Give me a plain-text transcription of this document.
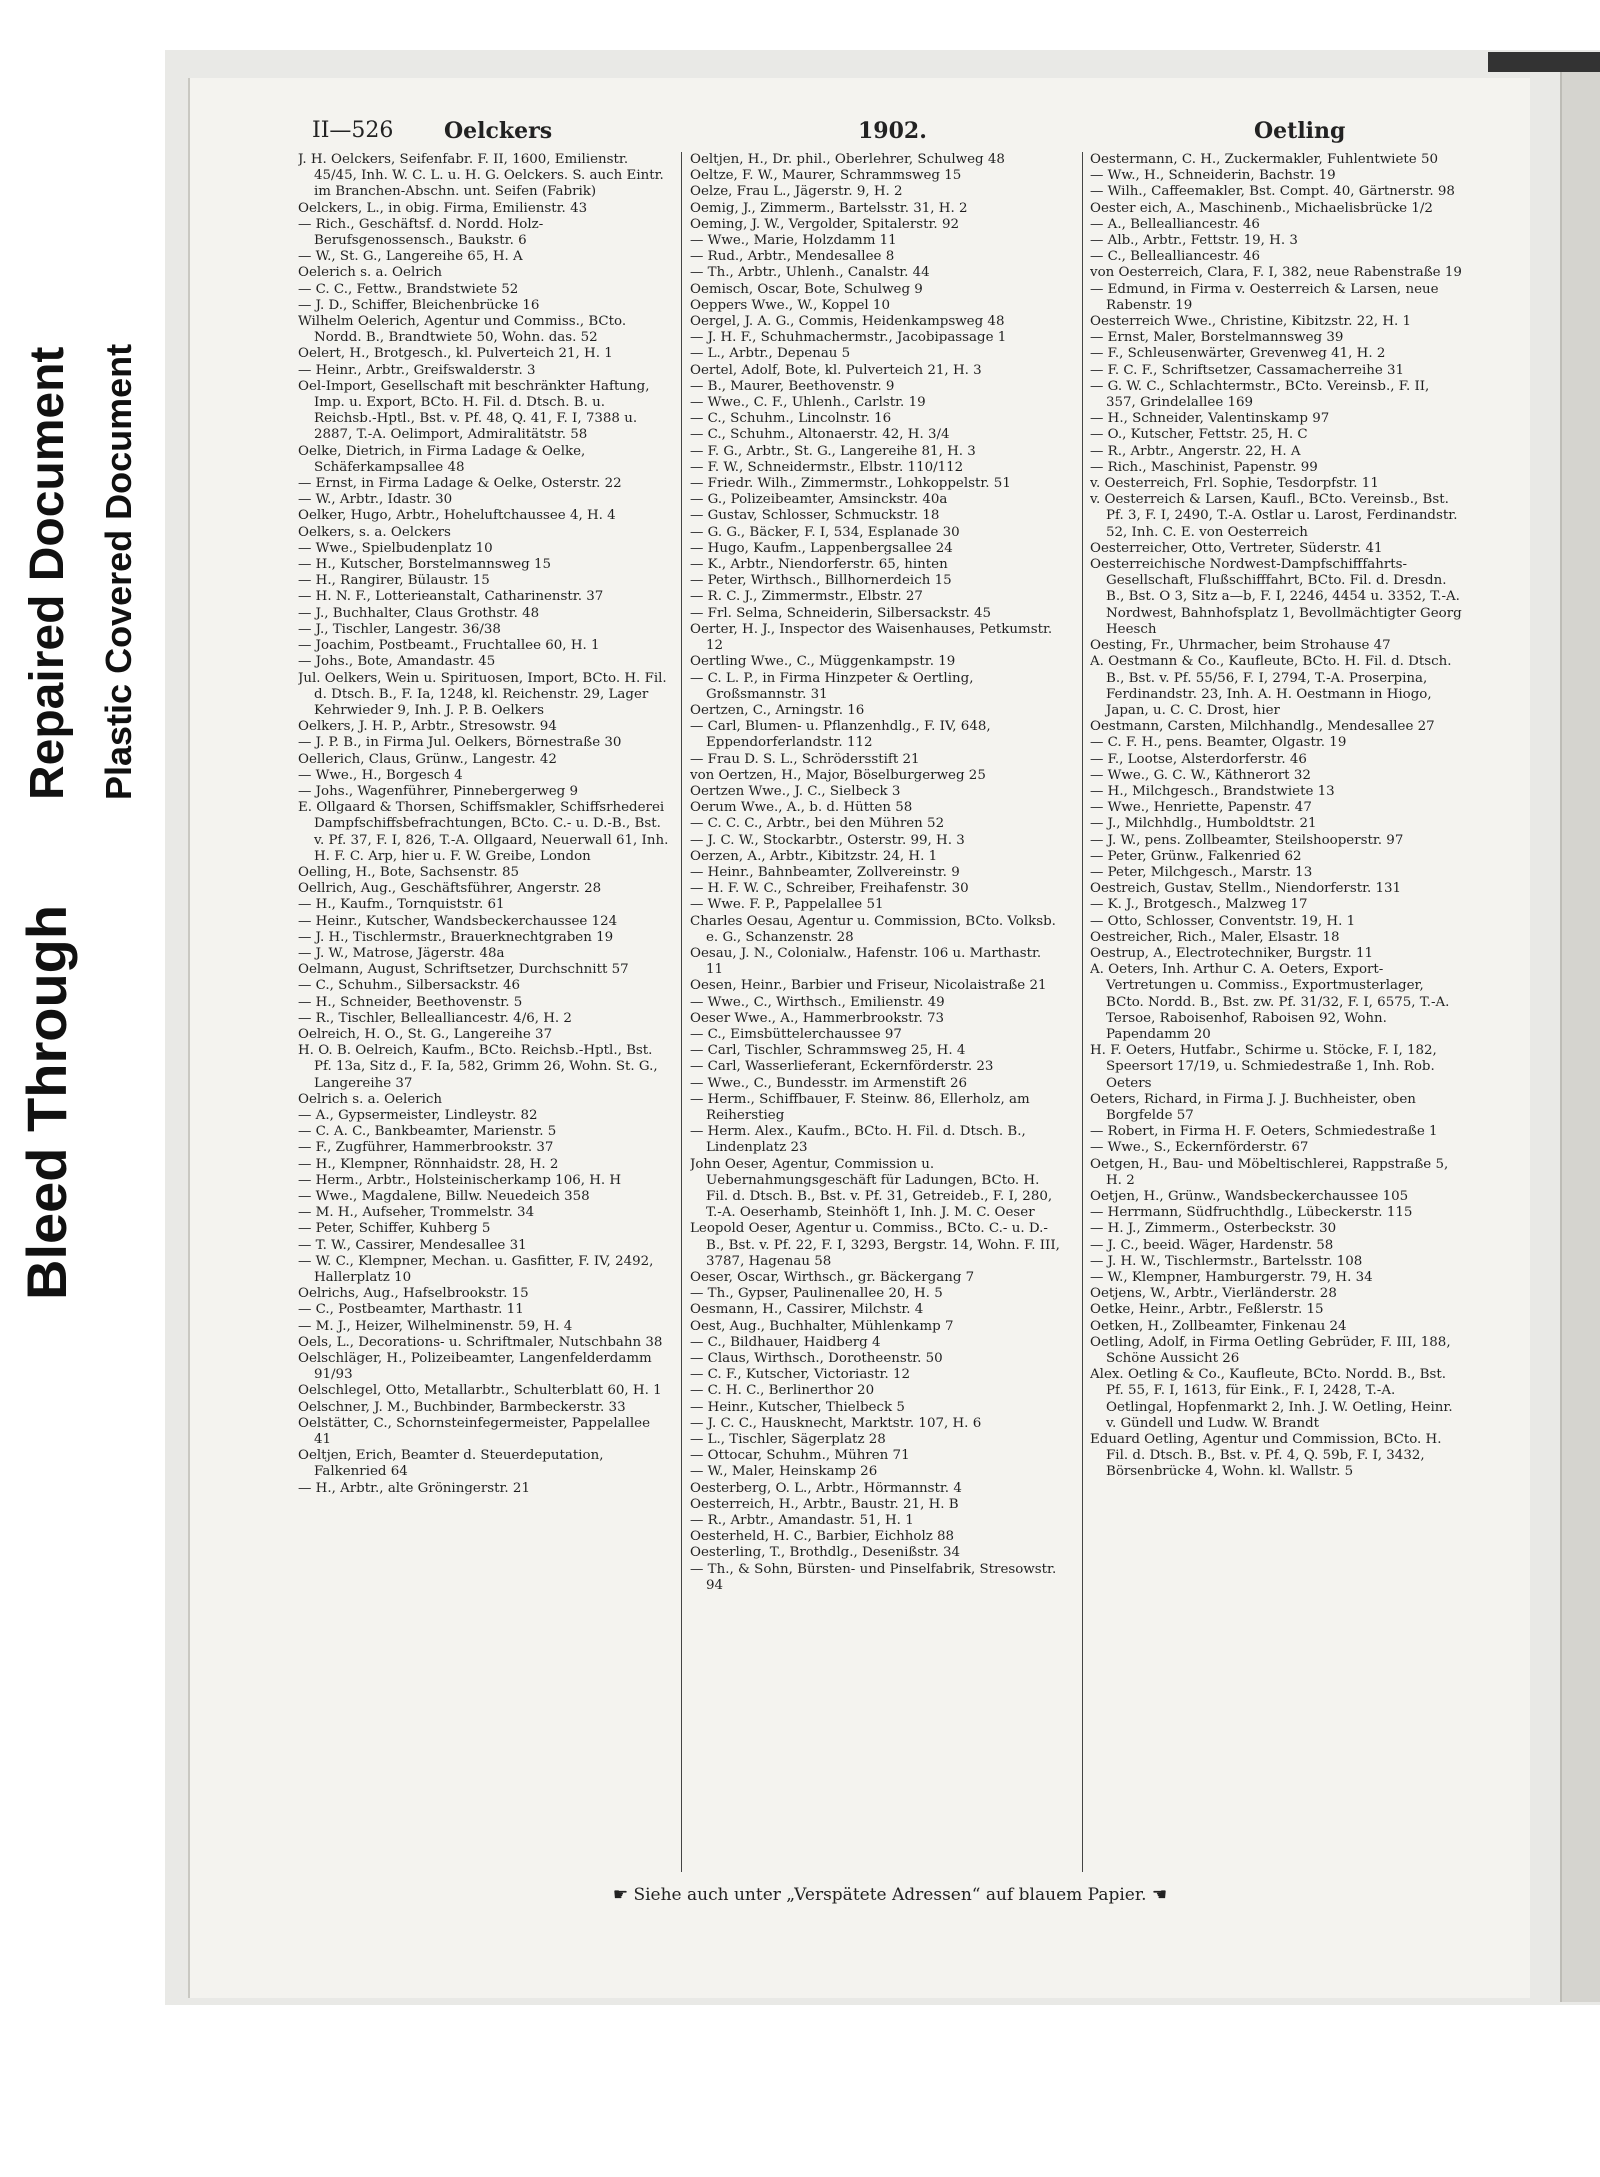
Bleed Through
Repaired Document Plastic Covered Document
II—526 Oelckers	1902.	Oetling

J. H. Oelckers, Seifenfabr. F. II, 1600, Emilienstr. 45/45, Inh. W. C. L. u. H. G. Oelckers. S. auch Eintr. im Branchen-Abschn. unt. Seifen (Fabrik)

Oelckers, L., in obig. Firma, Emilienstr. 43

— Rich., Geschäftsf. d. Nordd. Holz-Berufsgenossensch., Baukstr. 6

— W., St. G., Langereihe 65, H. A

Oelerich s. a. Oelrich

— C. C., Fettw., Brandstwiete 52

— J. D., Schiffer, Bleichenbrücke 16

Wilhelm Oelerich, Agentur und Commiss., BCto. Nordd. B., Brandtwiete 50, Wohn. das. 52

Oelert, H., Brotgesch., kl. Pulverteich 21, H. 1

— Heinr., Arbtr., Greifswalderstr. 3

Oel-Import, Gesellschaft mit beschränkter Haftung, Imp. u. Export, BCto. H. Fil. d. Dtsch. B. u. Reichsb.-Hptl., Bst. v. Pf. 48, Q. 41, F. I, 7388 u. 2887, T.-A. Oelimport, Admiralitätstr. 58

Oelke, Dietrich, in Firma Ladage & Oelke, Schäferkampsallee 48

— Ernst, in Firma Ladage & Oelke, Osterstr. 22

— W., Arbtr., Idastr. 30

Oelker, Hugo, Arbtr., Hoheluftchaussee 4, H. 4

Oelkers, s. a. Oelckers

— Wwe., Spielbudenplatz 10

— H., Kutscher, Borstelmannsweg 15

— H., Rangirer, Bülaustr. 15

— H. N. F., Lotterieanstalt, Catharinenstr. 37

— J., Buchhalter, Claus Grothstr. 48

— J., Tischler, Langestr. 36/38

— Joachim, Postbeamt., Fruchtallee 60, H. 1

— Johs., Bote, Amandastr. 45

Jul. Oelkers, Wein u. Spirituosen, Import, BCto. H. Fil. d. Dtsch. B., F. Ia, 1248, kl. Reichenstr. 29, Lager Kehrwieder 9, Inh. J. P. B. Oelkers

Oelkers, J. H. P., Arbtr., Stresowstr. 94

— J. P. B., in Firma Jul. Oelkers, Börnestraße 30

Oellerich, Claus, Grünw., Langestr. 42

— Wwe., H., Borgesch 4

— Johs., Wagenführer, Pinnebergerweg 9

E. Ollgaard & Thorsen, Schiffsmakler, Schiffsrhederei Dampfschiffsbefrachtungen, BCto. C.- u. D.-B., Bst. v. Pf. 37, F. I, 826, T.-A. Ollgaard, Neuerwall 61, Inh. H. F. C. Arp, hier u. F. W. Greibe, London

Oelling, H., Bote, Sachsenstr. 85

Oellrich, Aug., Geschäftsführer, Angerstr. 28

— H., Kaufm., Tornquiststr. 61

— Heinr., Kutscher, Wandsbeckerchaussee 124

— J. H., Tischlermstr., Brauerknechtgraben 19

— J. W., Matrose, Jägerstr. 48a

Oelmann, August, Schriftsetzer, Durchschnitt 57

— C., Schuhm., Silbersackstr. 46

— H., Schneider, Beethovenstr. 5

— R., Tischler, Bellealliancestr. 4/6, H. 2

Oelreich, H. O., St. G., Langereihe 37

H. O. B. Oelreich, Kaufm., BCto. Reichsb.-Hptl., Bst. Pf. 13a, Sitz d., F. Ia, 582, Grimm 26, Wohn. St. G., Langereihe 37

Oelrich s. a. Oelerich

— A., Gypsermeister, Lindleystr. 82

— C. A. C., Bankbeamter, Marienstr. 5

— F., Zugführer, Hammerbrookstr. 37

— H., Klempner, Rönnhaidstr. 28, H. 2

— Herm., Arbtr., Holsteinischerkamp 106, H. H

— Wwe., Magdalene, Billw. Neuedeich 358

— M. H., Aufseher, Trommelstr. 34

— Peter, Schiffer, Kuhberg 5

— T. W., Cassirer, Mendesallee 31

— W. C., Klempner, Mechan. u. Gasfitter, F. IV, 2492, Hallerplatz 10

Oelrichs, Aug., Hafselbrookstr. 15

— C., Postbeamter, Marthastr. 11

— M. J., Heizer, Wilhelminenstr. 59, H. 4

Oels, L., Decorations- u. Schriftmaler, Nutschbahn 38

Oelschläger, H., Polizeibeamter, Langenfelderdamm 91/93

Oelschlegel, Otto, Metallarbtr., Schulterblatt 60, H. 1

Oelschner, J. M., Buchbinder, Barmbeckerstr. 33

Oelstätter, C., Schornsteinfegermeister, Pappelallee 41

Oeltjen, Erich, Beamter d. Steuerdeputation, Falkenried 64

— H., Arbtr., alte Gröningerstr. 21

Oeltjen, H., Dr. phil., Oberlehrer, Schulweg 48

Oeltze, F. W., Maurer, Schrammsweg 15

Oelze, Frau L., Jägerstr. 9, H. 2

Oemig, J., Zimmerm., Bartelsstr. 31, H. 2

Oeming, J. W., Vergolder, Spitalerstr. 92

— Wwe., Marie, Holzdamm 11

— Rud., Arbtr., Mendesallee 8

— Th., Arbtr., Uhlenh., Canalstr. 44

Oemisch, Oscar, Bote, Schulweg 9

Oeppers Wwe., W., Koppel 10

Oergel, J. A. G., Commis, Heidenkampsweg 48

— J. H. F., Schuhmachermstr., Jacobipassage 1

— L., Arbtr., Depenau 5

Oertel, Adolf, Bote, kl. Pulverteich 21, H. 3

— B., Maurer, Beethovenstr. 9

— Wwe., C. F., Uhlenh., Carlstr. 19

— C., Schuhm., Lincolnstr. 16

— C., Schuhm., Altonaerstr. 42, H. 3/4

— F. G., Arbtr., St. G., Langereihe 81, H. 3

— F. W., Schneidermstr., Elbstr. 110/112

— Friedr. Wilh., Zimmermstr., Lohkoppelstr. 51

— G., Polizeibeamter, Amsinckstr. 40a

— Gustav, Schlosser, Schmuckstr. 18

— G. G., Bäcker, F. I, 534, Esplanade 30

— Hugo, Kaufm., Lappenbergsallee 24

— K., Arbtr., Niendorferstr. 65, hinten

— Peter, Wirthsch., Billhornerdeich 15

— R. C. J., Zimmermstr., Elbstr. 27

— Frl. Selma, Schneiderin, Silbersackstr. 45

Oerter, H. J., Inspector des Waisenhauses, Petkumstr. 12

Oertling Wwe., C., Müggenkampstr. 19

— C. L. P., in Firma Hinzpeter & Oertling, Großsmannstr. 31

Oertzen, C., Arningstr. 16

— Carl, Blumen- u. Pflanzenhdlg., F. IV, 648, Eppendorferlandstr. 112

— Frau D. S. L., Schrödersstift 21

von Oertzen, H., Major, Böselburgerweg 25

Oertzen Wwe., J. C., Sielbeck 3

Oerum Wwe., A., b. d. Hütten 58

— C. C. C., Arbtr., bei den Mühren 52

— J. C. W., Stockarbtr., Osterstr. 99, H. 3

Oerzen, A., Arbtr., Kibitzstr. 24, H. 1

— Heinr., Bahnbeamter, Zollvereinstr. 9

— H. F. W. C., Schreiber, Freihafenstr. 30

— Wwe. F. P., Pappelallee 51

Charles Oesau, Agentur u. Commission, BCto. Volksb. e. G., Schanzenstr. 28

Oesau, J. N., Colonialw., Hafenstr. 106 u. Marthastr. 11

Oesen, Heinr., Barbier und Friseur, Nicolaistraße 21

— Wwe., C., Wirthsch., Emilienstr. 49

Oeser Wwe., A., Hammerbrookstr. 73

— C., Eimsbüttelerchaussee 97

— Carl, Tischler, Schrammsweg 25, H. 4

— Carl, Wasserlieferant, Eckernförderstr. 23

— Wwe., C., Bundesstr. im Armenstift 26

— Herm., Schiffbauer, F. Steinw. 86, Ellerholz, am Reiherstieg

— Herm. Alex., Kaufm., BCto. H. Fil. d. Dtsch. B., Lindenplatz 23

John Oeser, Agentur, Commission u. Uebernahmungsgeschäft für Ladungen, BCto. H. Fil. d. Dtsch. B., Bst. v. Pf. 31, Getreideb., F. I, 280, T.-A. Oeserhamb, Steinhöft 1, Inh. J. M. C. Oeser

Leopold Oeser, Agentur u. Commiss., BCto. C.- u. D.-B., Bst. v. Pf. 22, F. I, 3293, Bergstr. 14, Wohn. F. III, 3787, Hagenau 58

Oeser, Oscar, Wirthsch., gr. Bäckergang 7

— Th., Gypser, Paulinenallee 20, H. 5

Oesmann, H., Cassirer, Milchstr. 4

Oest, Aug., Buchhalter, Mühlenkamp 7

— C., Bildhauer, Haidberg 4

— Claus, Wirthsch., Dorotheenstr. 50

— C. F., Kutscher, Victoriastr. 12

— C. H. C., Berlinerthor 20

— Heinr., Kutscher, Thielbeck 5

— J. C. C., Hausknecht, Marktstr. 107, H. 6

— L., Tischler, Sägerplatz 28

— Ottocar, Schuhm., Mühren 71

— W., Maler, Heinskamp 26

Oesterberg, O. L., Arbtr., Hörmannstr. 4

Oesterreich, H., Arbtr., Baustr. 21, H. B

— R., Arbtr., Amandastr. 51, H. 1

Oesterheld, H. C., Barbier, Eichholz 88

Oesterling, T., Brothdlg., Desenißstr. 34

— Th., & Sohn, Bürsten- und Pinselfabrik, Stresowstr. 94

Oestermann, C. H., Zuckermakler, Fuhlentwiete 50

— Ww., H., Schneiderin, Bachstr. 19

— Wilh., Caffeemakler, Bst. Compt. 40, Gärtnerstr. 98

Oester eich, A., Maschinenb., Michaelisbrücke 1/2

— A., Bellealliancestr. 46

— Alb., Arbtr., Fettstr. 19, H. 3

— C., Bellealliancestr. 46

von Oesterreich, Clara, F. I, 382, neue Rabenstraße 19

— Edmund, in Firma v. Oesterreich & Larsen, neue Rabenstr. 19

Oesterreich Wwe., Christine, Kibitzstr. 22, H. 1

— Ernst, Maler, Borstelmannsweg 39

— F., Schleusenwärter, Grevenweg 41, H. 2

— F. C. F., Schriftsetzer, Cassamacherreihe 31

— G. W. C., Schlachtermstr., BCto. Vereinsb., F. II, 357, Grindelallee 169

— H., Schneider, Valentinskamp 97

— O., Kutscher, Fettstr. 25, H. C

— R., Arbtr., Angerstr. 22, H. A

— Rich., Maschinist, Papenstr. 99

v. Oesterreich, Frl. Sophie, Tesdorpfstr. 11

v. Oesterreich & Larsen, Kaufl., BCto. Vereinsb., Bst. Pf. 3, F. I, 2490, T.-A. Ostlar u. Larost, Ferdinandstr. 52, Inh. C. E. von Oesterreich

Oesterreicher, Otto, Vertreter, Süderstr. 41

Oesterreichische Nordwest-Dampfschifffahrts-Gesellschaft, Flußschifffahrt, BCto. Fil. d. Dresdn. B., Bst. O 3, Sitz a—b, F. I, 2246, 4454 u. 3352, T.-A. Nordwest, Bahnhofsplatz 1, Bevollmächtigter Georg Heesch

Oesting, Fr., Uhrmacher, beim Strohause 47

A. Oestmann & Co., Kaufleute, BCto. H. Fil. d. Dtsch. B., Bst. v. Pf. 55/56, F. I, 2794, T.-A. Proserpina, Ferdinandstr. 23, Inh. A. H. Oestmann in Hiogo, Japan, u. C. C. Drost, hier

Oestmann, Carsten, Milchhandlg., Mendesallee 27

— C. F. H., pens. Beamter, Olgastr. 19

— F., Lootse, Alsterdorferstr. 46

— Wwe., G. C. W., Käthnerort 32

— H., Milchgesch., Brandstwiete 13

— Wwe., Henriette, Papenstr. 47

— J., Milchhdlg., Humboldtstr. 21

— J. W., pens. Zollbeamter, Steilshooperstr. 97

— Peter, Grünw., Falkenried 62

— Peter, Milchgesch., Marstr. 13

Oestreich, Gustav, Stellm., Niendorferstr. 131

— K. J., Brotgesch., Malzweg 17

— Otto, Schlosser, Conventstr. 19, H. 1

Oestreicher, Rich., Maler, Elsastr. 18

Oestrup, A., Electrotechniker, Burgstr. 11

A. Oeters, Inh. Arthur C. A. Oeters, Export-Vertretungen u. Commiss., Exportmusterlager, BCto. Nordd. B., Bst. zw. Pf. 31/32, F. I, 6575, T.-A. Tersoe, Raboisenhof, Raboisen 92, Wohn. Papendamm 20

H. F. Oeters, Hutfabr., Schirme u. Stöcke, F. I, 182, Speersort 17/19, u. Schmiedestraße 1, Inh. Rob. Oeters

Oeters, Richard, in Firma J. J. Buchheister, oben Borgfelde 57

— Robert, in Firma H. F. Oeters, Schmiedestraße 1

— Wwe., S., Eckernförderstr. 67

Oetgen, H., Bau- und Möbeltischlerei, Rappstraße 5, H. 2

Oetjen, H., Grünw., Wandsbeckerchaussee 105

— Herrmann, Südfruchthdlg., Lübeckerstr. 115

— H. J., Zimmerm., Osterbeckstr. 30

— J. C., beeid. Wäger, Hardenstr. 58

— J. H. W., Tischlermstr., Bartelsstr. 108

— W., Klempner, Hamburgerstr. 79, H. 34

Oetjens, W., Arbtr., Vierländerstr. 28

Oetke, Heinr., Arbtr., Feßlerstr. 15

Oetken, H., Zollbeamter, Finkenau 24

Oetling, Adolf, in Firma Oetling Gebrüder, F. III, 188, Schöne Aussicht 26

Alex. Oetling & Co., Kaufleute, BCto. Nordd. B., Bst. Pf. 55, F. I, 1613, für Eink., F. I, 2428, T.-A. Oetlingal, Hopfenmarkt 2, Inh. J. W. Oetling, Heinr. v. Gündell und Ludw. W. Brandt

Eduard Oetling, Agentur und Commission, BCto. H. Fil. d. Dtsch. B., Bst. v. Pf. 4, Q. 59b, F. I, 3432, Börsenbrücke 4, Wohn. kl. Wallstr. 5

☛ Siehe auch unter „Verspätete Adressen“ auf blauem Papier. ☚
